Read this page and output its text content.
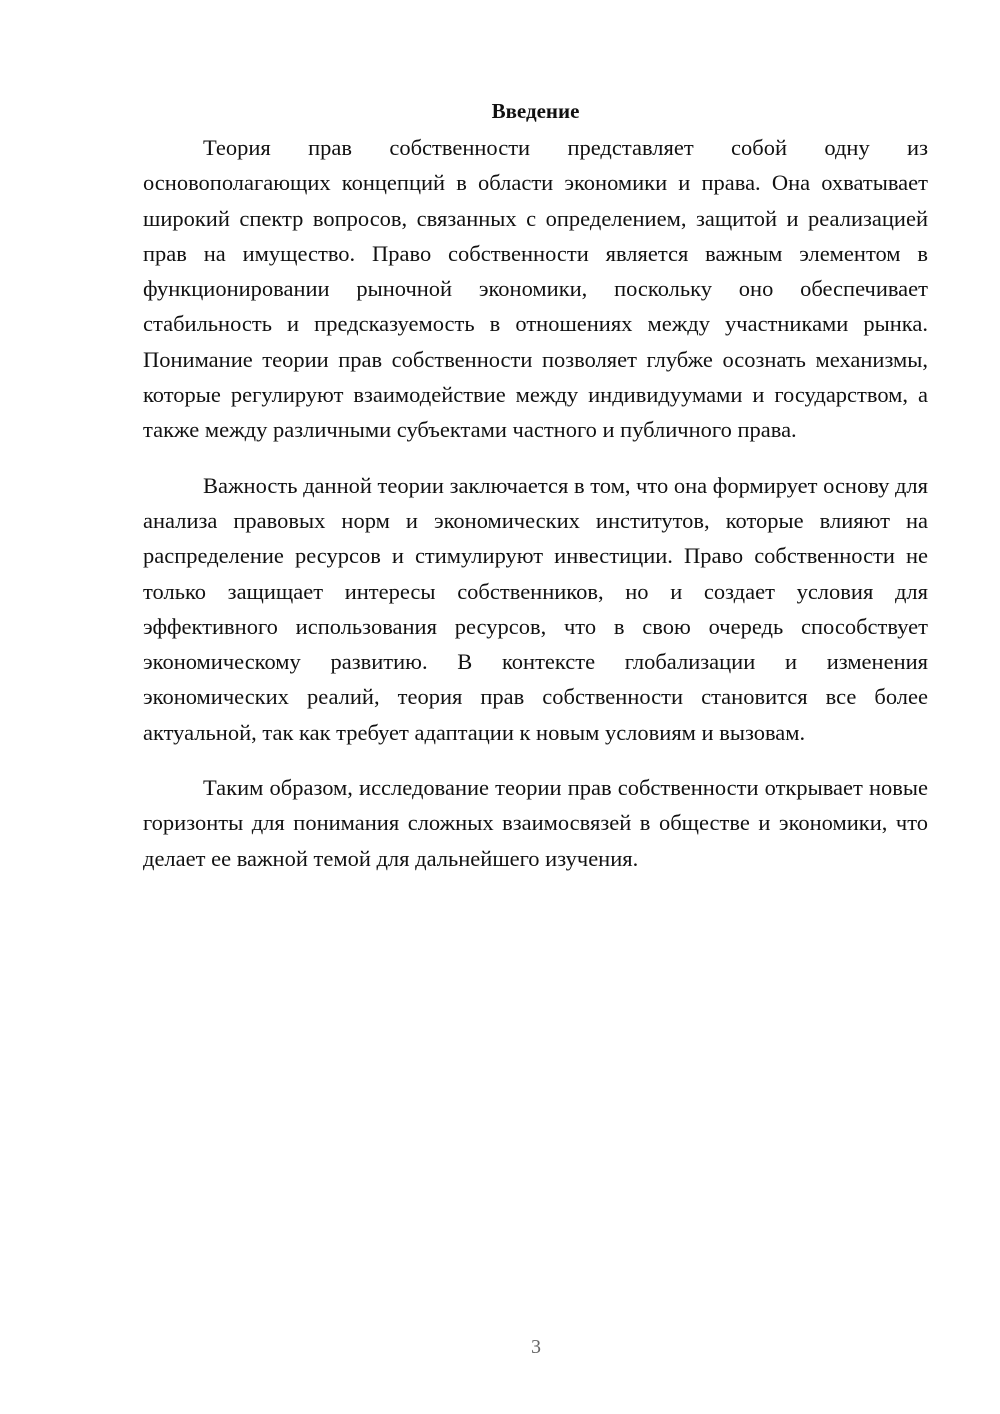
Введение

Теория прав собственности представляет собой одну из основополагающих концепций в области экономики и права. Она охватывает широкий спектр вопросов, связанных с определением, защитой и реализацией прав на имущество. Право собственности является важным элементом в функционировании рыночной экономики, поскольку оно обеспечивает стабильность и предсказуемость в отношениях между участниками рынка. Понимание теории прав собственности позволяет глубже осознать механизмы, которые регулируют взаимодействие между индивидуумами и государством, а также между различными субъектами частного и публичного права.

Важность данной теории заключается в том, что она формирует основу для анализа правовых норм и экономических институтов, которые влияют на распределение ресурсов и стимулируют инвестиции. Право собственности не только защищает интересы собственников, но и создает условия для эффективного использования ресурсов, что в свою очередь способствует экономическому развитию. В контексте глобализации и изменения экономических реалий, теория прав собственности становится все более актуальной, так как требует адаптации к новым условиям и вызовам.

Таким образом, исследование теории прав собственности открывает новые горизонты для понимания сложных взаимосвязей в обществе и экономики, что делает ее важной темой для дальнейшего изучения.

3
